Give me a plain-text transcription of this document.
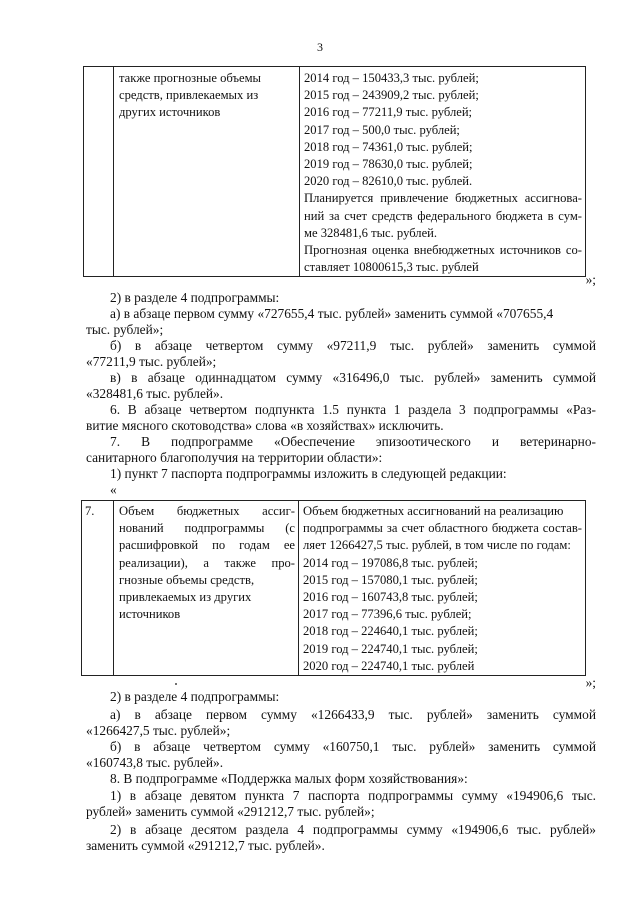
3

также прогнозные объемы
средств, привлекаемых из
других источников

2014 год – 150433,3 тыс. рублей;
2015 год – 243909,2 тыс. рублей;
2016 год – 77211,9 тыс. рублей;
2017 год – 500,0 тыс. рублей;
2018 год – 74361,0 тыс. рублей;
2019 год – 78630,0 тыс. рублей;
2020 год – 82610,0 тыс. рублей.
Планируется привлечение бюджетных ассигнова-
ний за счет средств федерального бюджета в сум-
ме 328481,6 тыс. рублей.
Прогнозная оценка внебюджетных источников со-
ставляет 10800615,3 тыс. рублей
»;
2) в разделе 4 подпрограммы:
а) в абзаце первом сумму «727655,4 тыс. рублей» заменить суммой «707655,4
тыс. рублей»;
б) в абзаце четвертом сумму «97211,9 тыс. рублей» заменить суммой
«77211,9 тыс. рублей»;
в) в абзаце одиннадцатом сумму «316496,0 тыс. рублей» заменить суммой
«328481,6 тыс. рублей».
6. В абзаце четвертом подпункта 1.5 пункта 1 раздела 3 подпрограммы «Раз-
витие мясного скотоводства» слова «в хозяйствах» исключить.
7. В подпрограмме «Обеспечение эпизоотического и ветеринарно-
санитарного благополучия на территории области»:
1) пункт 7 паспорта подпрограммы изложить в следующей редакции:
«
7.	Объем бюджетных ассиг-
нований подпрограммы (с
расшифровкой по годам ее
реализации), а также про-
гнозные объемы средств,
привлекаемых из других
источников

Объем бюджетных ассигнований на реализацию
подпрограммы за счет областного бюджета состав-
ляет 1266427,5 тыс. рублей, в том числе по годам:
2014 год – 197086,8 тыс. рублей;
2015 год – 157080,1 тыс. рублей;
2016 год – 160743,8 тыс. рублей;
2017 год – 77396,6 тыс. рублей;
2018 год – 224640,1 тыс. рублей;
2019 год – 224740,1 тыс. рублей;
2020 год – 224740,1 тыс. рублей
»;
2) в разделе 4 подпрограммы:
а) в абзаце первом сумму «1266433,9 тыс. рублей» заменить суммой
«1266427,5 тыс. рублей»;
б) в абзаце четвертом сумму «160750,1 тыс. рублей» заменить суммой
«160743,8 тыс. рублей».
8. В подпрограмме «Поддержка малых форм хозяйствования»:
1) в абзаце девятом пункта 7 паспорта подпрограммы сумму «194906,6 тыс.
рублей» заменить суммой «291212,7 тыс. рублей»;
2) в абзаце десятом раздела 4 подпрограммы сумму «194906,6 тыс. рублей»
заменить суммой «291212,7 тыс. рублей».
